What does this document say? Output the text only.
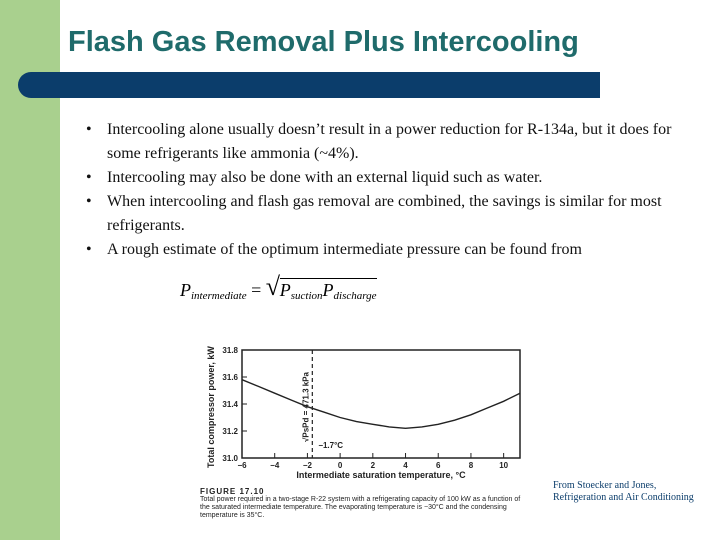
Flash Gas Removal Plus Intercooling
• Intercooling alone usually doesn’t result in a power reduction for R-134a, but it does for some refrigerants like ammonia (~4%).
• Intercooling may also be done with an external liquid such as water.
• When intercooling and flash gas removal are combined, the savings is similar for most refrigerants.
• A rough estimate of the optimum intermediate pressure can be found from
$P_{intermediate}$ = √ $P_{suction}P_{discharge}$
31.0
31.2
31.4
31.6
31.8
−6	−4	−2	0	2	4	6	8	10
Total compressor power, kW
Intermediate saturation temperature, °C
√PsPd = 471.3 kPa
−1.7°C
FIGURE 17.10
Total power required in a two-stage R-22 system with a refrigerating capacity of 100 kW as a function of the saturated intermediate temperature. The evaporating temperature is −30°C and the condensing temperature is 35°C.
From Stoecker and Jones, Refrigeration and Air Conditioning
